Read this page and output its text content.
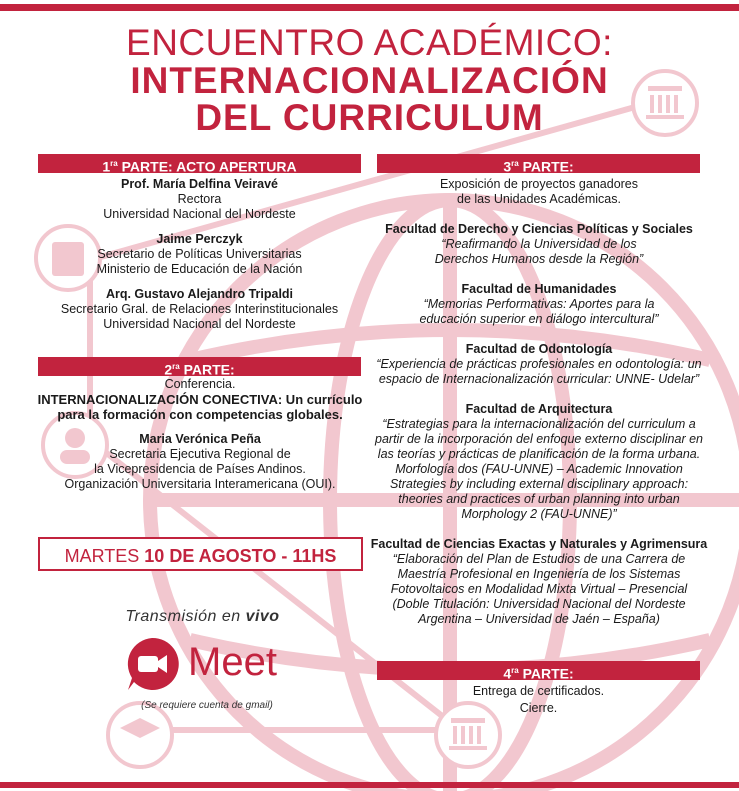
ENCUENTRO ACADÉMICO:
INTERNACIONALIZACIÓN
DEL CURRICULUM
$1^{ra}$ PARTE: ACTO APERTURA
Prof. María Delfina Veiravé
Rectora
Universidad Nacional del Nordeste
Jaime Perczyk
Secretario de Políticas Universitarias
Ministerio de Educación de la Nación
Arq. Gustavo Alejandro Tripaldi
Secretario Gral. de Relaciones Interinstitucionales
Universidad Nacional del Nordeste
$2^{ra}$ PARTE:
Conferencia.
INTERNACIONALIZACIÓN CONECTIVA: Un currículo
para la formación con competencias globales.
Maria Verónica Peña
Secretaria Ejecutiva Regional de
la Vicepresidencia de Países Andinos.
Organización Universitaria Interamericana (OUI).
$3^{ra}$ PARTE:
Exposición de proyectos ganadores
de las Unidades Académicas.
Facultad de Derecho y Ciencias Políticas y Sociales
“Reafirmando la Universidad de los
Derechos Humanos desde la Región”
Facultad de Humanidades
“Memorias Performativas: Aportes para la
educación superior en diálogo intercultural”
Facultad de Odontología
“Experiencia de prácticas profesionales en odontología: un
espacio de Internacionalización curricular: UNNE- Udelar”
Facultad de Arquitectura
“Estrategias para la internacionalización del curriculum a
partir de la incorporación del enfoque externo disciplinar en
las teorías y prácticas de planificación de la forma urbana.
Morfología dos (FAU-UNNE) – Academic Innovation
Strategies by including external disciplinary approach:
theories and practices of urban planning into urban
Morphology 2 (FAU-UNNE)”
Facultad de Ciencias Exactas y Naturales y Agrimensura
“Elaboración del Plan de Estudios de una Carrera de
Maestría Profesional en Ingeniería de los Sistemas
Fotovoltaicos en Modalidad Mixta Virtual – Presencial
(Doble Titulación: Universidad Nacional del Nordeste
Argentina – Universidad de Jaén – España)
$4^{ra}$ PARTE:
Entrega de certificados.
Cierre.
MARTES 10 DE AGOSTO - 11HS
Transmisión en vivo
Meet
(Se requiere cuenta de gmail)
